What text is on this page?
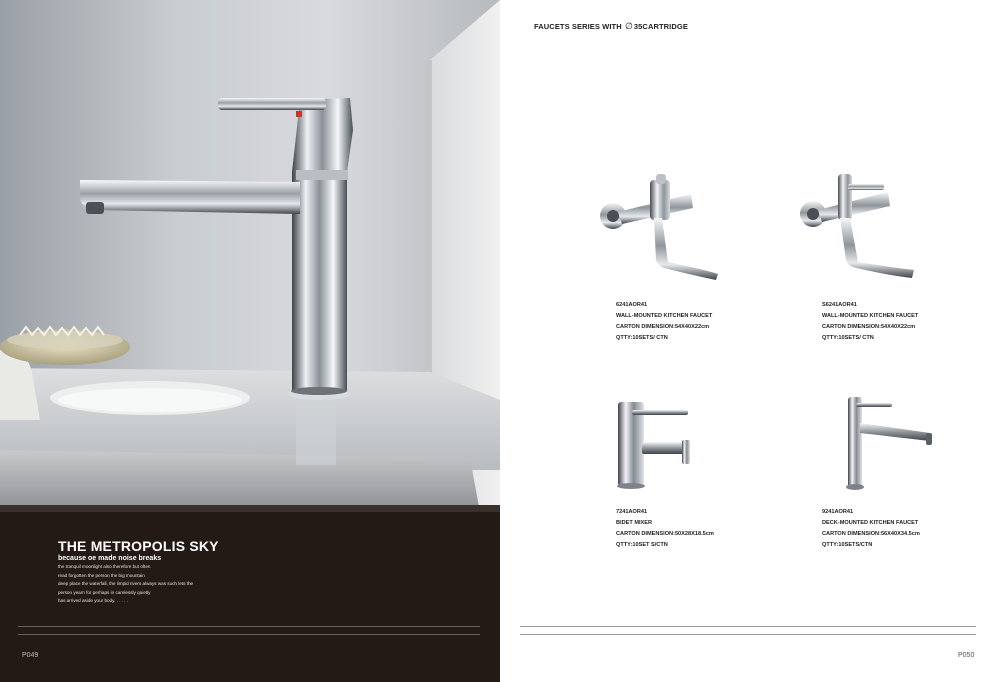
THE METROPOLIS SKY
because oe made noise breaks

the tranquil moonlight also therefore but often

read forgotten the person the big mountain

deep place the waterfall, the limpid rivers always was such lets the

person yearn for perhaps in carelessly quietly

has arrived aside your body. . . . . .

P049
FAUCETS SERIES WITH ∅35CARTRIDGE
6241AOR41
WALL-MOUNTED KITCHEN FAUCET
CARTON DIMENSION:54X40X22cm
QTTY:10SETS/ CTN
S6241AOR41
WALL-MOUNTED KITCHEN FAUCET
CARTON DIMENSION:54X40X22cm
QTTY:10SETS/ CTN
7241AOR41
BIDET MIXER
CARTON DIMENSION:50X28X18.5cm
QTTY:10SET S/CTN
9241AOR41
DECK-MOUNTED KITCHEN FAUCET
CARTON DIMENSION:56X40X34.5cm
QTTY:10SETS/CTN
P050
